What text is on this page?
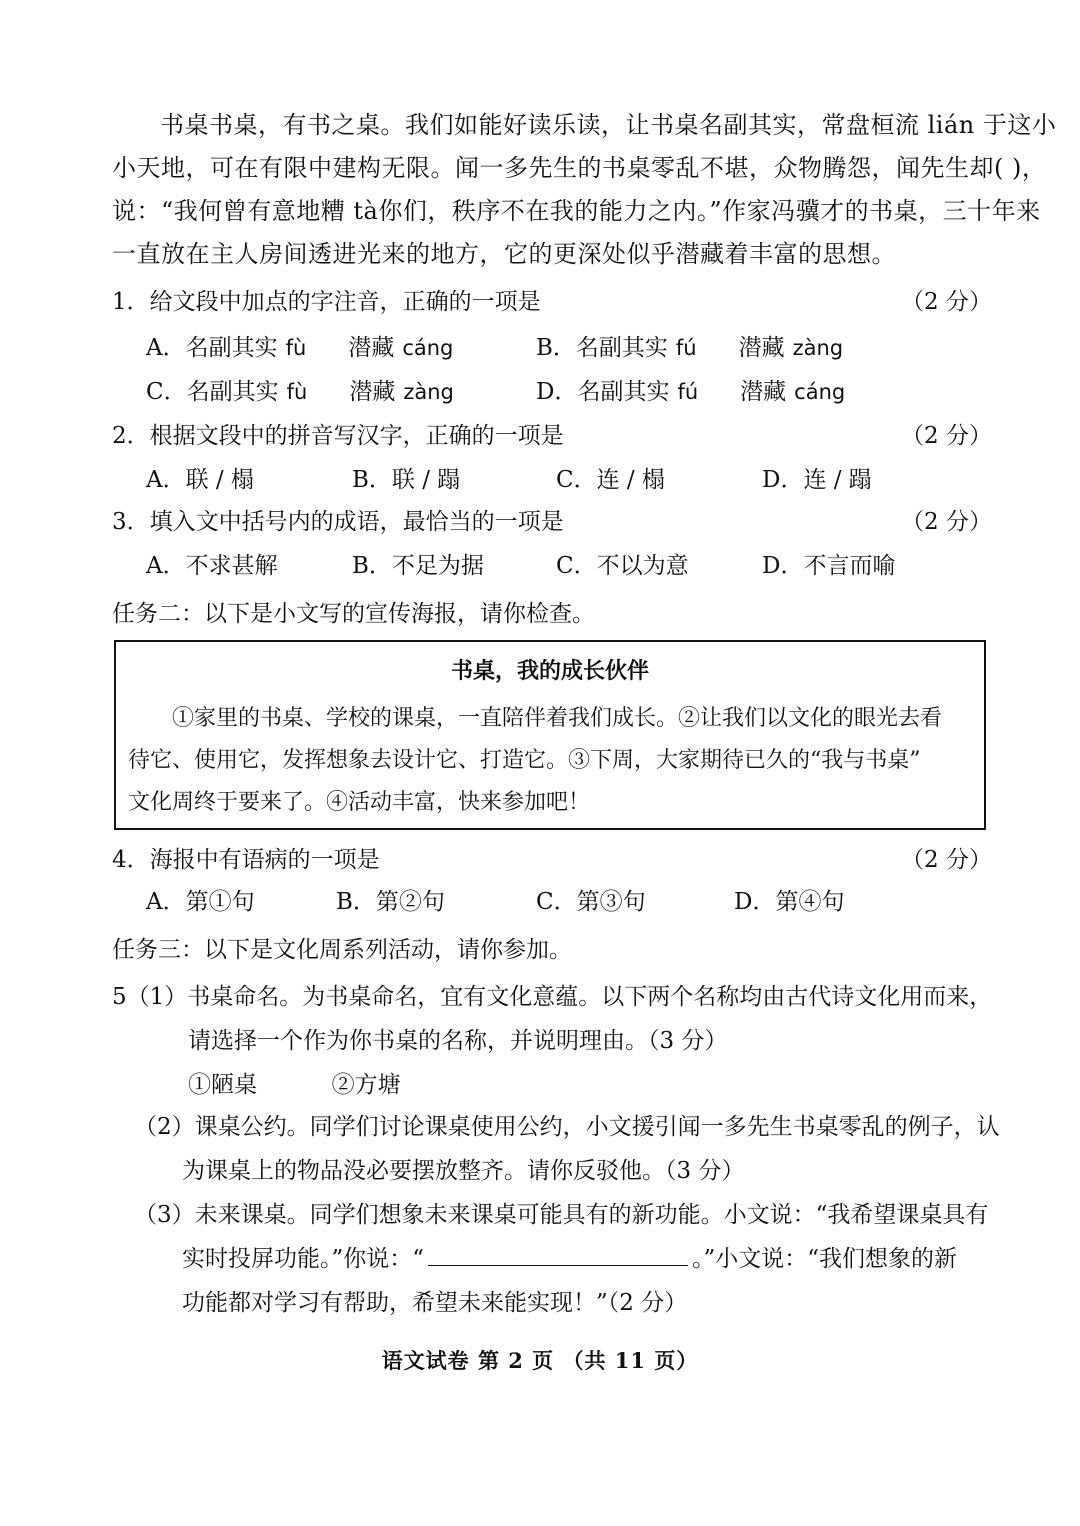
书桌书桌，有书之桌。我们如能好读乐读，让书桌名副其实，常盘桓流 lián 于这小

小天地，可在有限中建构无限。闻一多先生的书桌零乱不堪，众物腾怨，闻先生却( )，

说：“我何曾有意地糟 tà你们，秩序不在我的能力之内。”作家冯骥才的书桌，三十年来

一直放在主人房间透进光来的地方，它的更深处似乎潜藏着丰富的思想。

1．给文段中加点的字注音，正确的一项是	（2 分）
A．名副其实 fù 潜藏 cáng	B．名副其实 fú 潜藏 zàng
C．名副其实 fù 潜藏 zàng	D．名副其实 fú 潜藏 cáng
2．根据文段中的拼音写汉字，正确的一项是	（2 分）
A．联 / 榻	B．联 / 蹋	C．连 / 榻	D．连 / 蹋
3．填入文中括号内的成语，最恰当的一项是	（2 分）
A．不求甚解	B．不足为据	C．不以为意	D．不言而喻
任务二：以下是小文写的宣传海报，请你检查。
书桌，我的成长伙伴

①家里的书桌、学校的课桌，一直陪伴着我们成长。②让我们以文化的眼光去看

待它、使用它，发挥想象去设计它、打造它。③下周，大家期待已久的“我与书桌”

文化周终于要来了。④活动丰富，快来参加吧！

4．海报中有语病的一项是	（2 分）
A．第①句	B．第②句	C．第③句	D．第④句
任务三：以下是文化周系列活动，请你参加。
5（1）书桌命名。为书桌命名，宜有文化意蕴。以下两个名称均由古代诗文化用而来，
请选择一个作为你书桌的名称，并说明理由。（3 分）
①陋桌	②方塘
（2）课桌公约。同学们讨论课桌使用公约，小文援引闻一多先生书桌零乱的例子，认
为课桌上的物品没必要摆放整齐。请你反驳他。（3 分）
（3）未来课桌。同学们想象未来课桌可能具有的新功能。小文说：“我希望课桌具有
实时投屏功能。”你说：“	。”小文说：“我们想象的新
功能都对学习有帮助，希望未来能实现！”（2 分）
语文试卷 第 2 页 （共 11 页）
